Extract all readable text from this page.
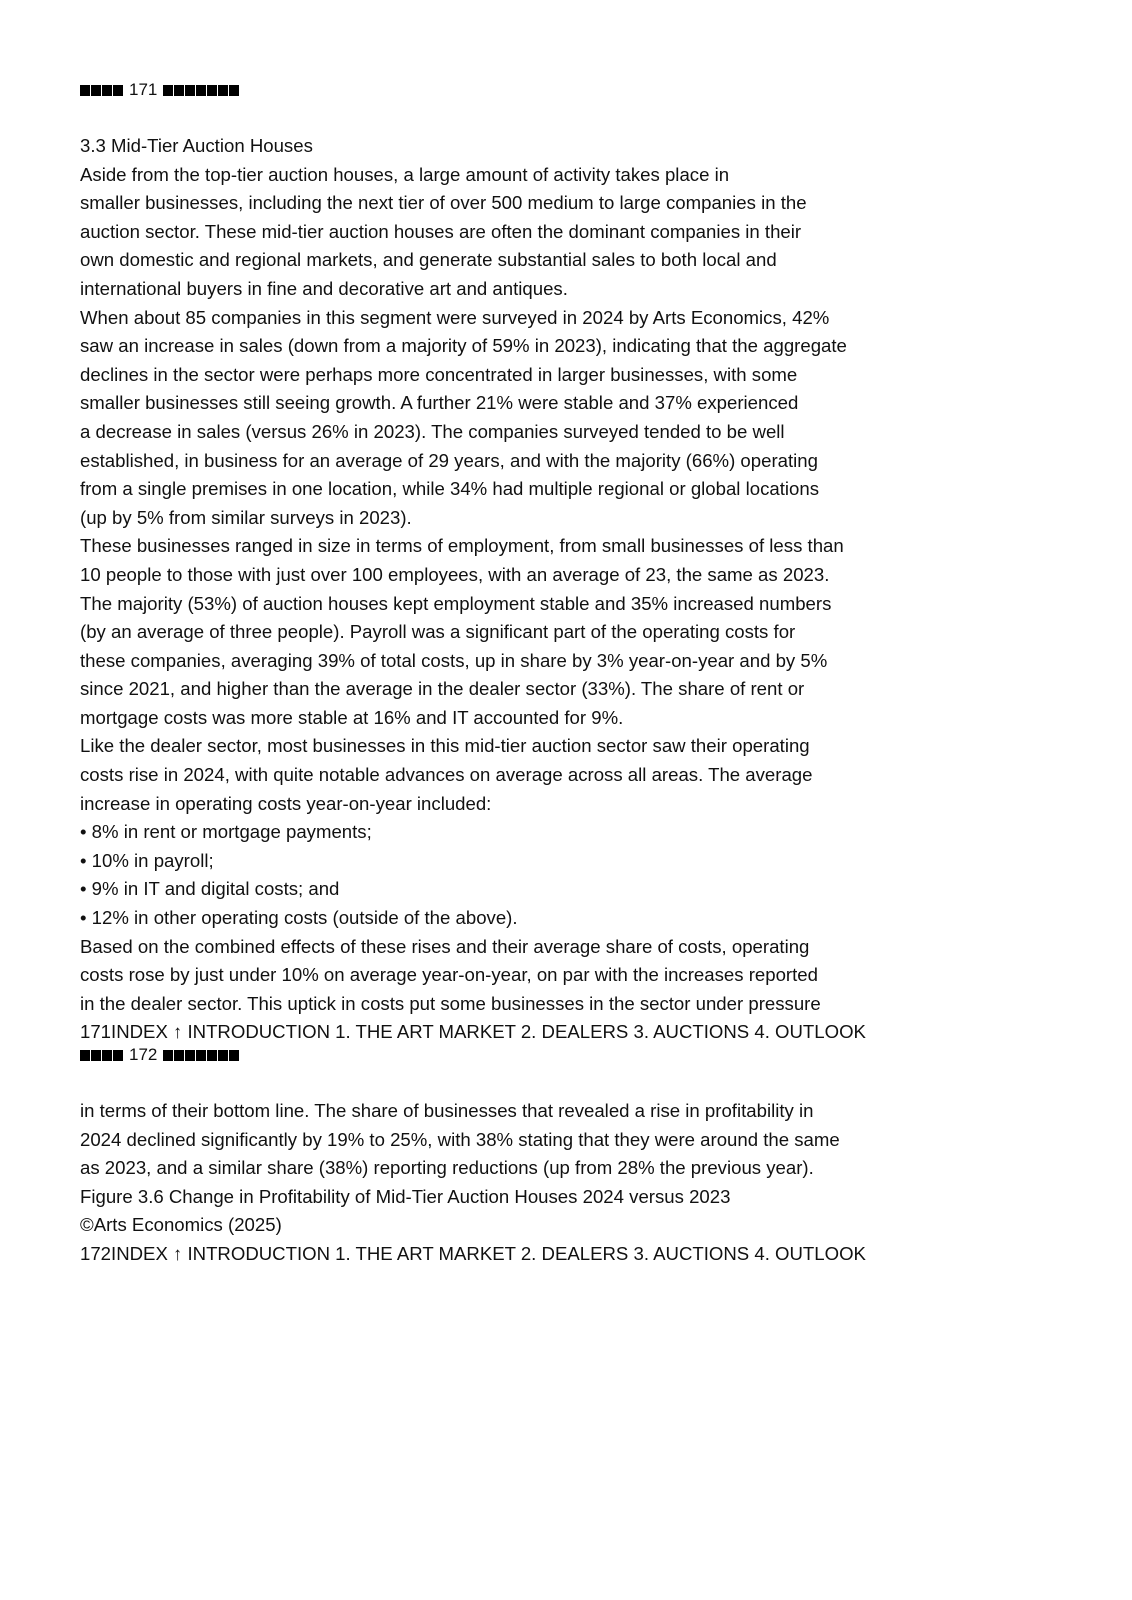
171
3.3 Mid-Tier Auction Houses
Aside from the top-tier auction houses, a large amount of activity takes place in
smaller businesses, including the next tier of over 500 medium to large companies in the
auction sector. These mid-tier auction houses are often the dominant companies in their
own domestic and regional markets, and generate substantial sales to both local and
international buyers in fine and decorative art and antiques.
When about 85 companies in this segment were surveyed in 2024 by Arts Economics, 42%
saw an increase in sales (down from a majority of 59% in 2023), indicating that the aggregate
declines in the sector were perhaps more concentrated in larger businesses, with some
smaller businesses still seeing growth. A further 21% were stable and 37% experienced
a decrease in sales (versus 26% in 2023). The companies surveyed tended to be well
established, in business for an average of 29 years, and with the majority (66%) operating
from a single premises in one location, while 34% had multiple regional or global locations
(up by 5% from similar surveys in 2023).
These businesses ranged in size in terms of employment, from small businesses of less than
10 people to those with just over 100 employees, with an average of 23, the same as 2023.
The majority (53%) of auction houses kept employment stable and 35% increased numbers
(by an average of three people). Payroll was a significant part of the operating costs for
these companies, averaging 39% of total costs, up in share by 3% year-on-year and by 5%
since 2021, and higher than the average in the dealer sector (33%). The share of rent or
mortgage costs was more stable at 16% and IT accounted for 9%.
Like the dealer sector, most businesses in this mid-tier auction sector saw their operating
costs rise in 2024, with quite notable advances on average across all areas. The average
increase in operating costs year-on-year included:
• 8% in rent or mortgage payments;
• 10% in payroll;
• 9% in IT and digital costs; and
• 12% in other operating costs (outside of the above).
Based on the combined effects of these rises and their average share of costs, operating
costs rose by just under 10% on average year-on-year, on par with the increases reported
in the dealer sector. This uptick in costs put some businesses in the sector under pressure
171INDEX ↑ INTRODUCTION 1. THE ART MARKET 2. DEALERS 3. AUCTIONS 4. OUTLOOK
172
in terms of their bottom line. The share of businesses that revealed a rise in profitability in
2024 declined significantly by 19% to 25%, with 38% stating that they were around the same
as 2023, and a similar share (38%) reporting reductions (up from 28% the previous year).
Figure 3.6 Change in Profitability of Mid-Tier Auction Houses 2024 versus 2023
©Arts Economics (2025)
172INDEX ↑ INTRODUCTION 1. THE ART MARKET 2. DEALERS 3. AUCTIONS 4. OUTLOOK
